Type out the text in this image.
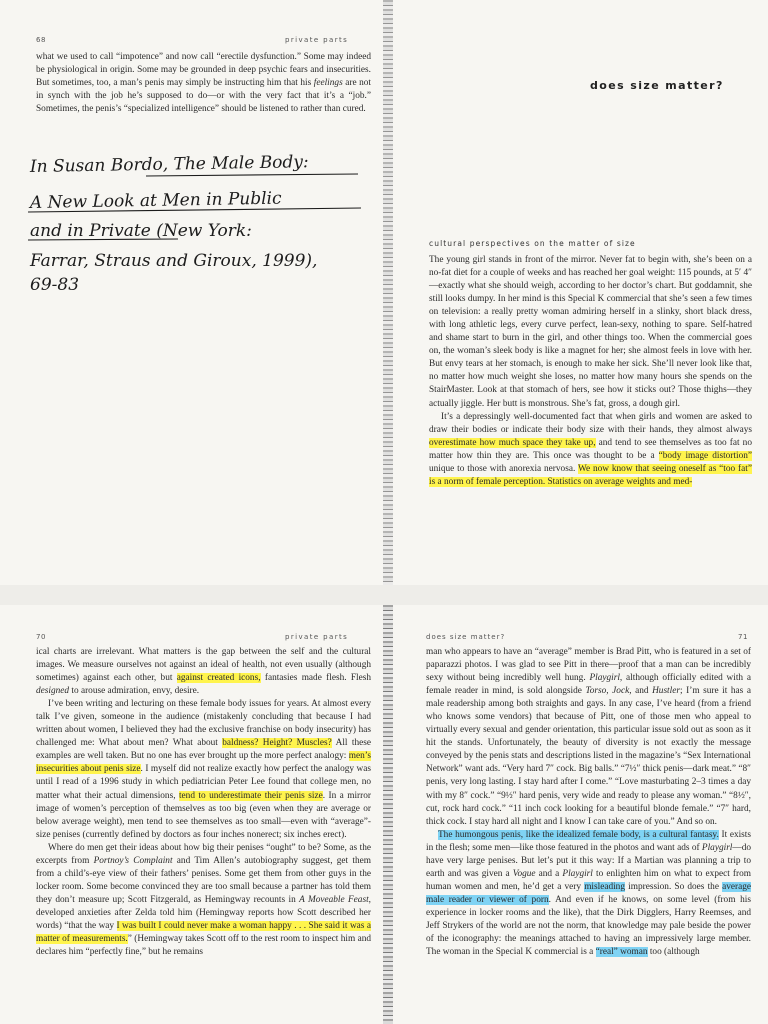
68	private parts

what we used to call “impotence” and now call “erectile dysfunction.” Some may indeed be physiological in origin. Some may be grounded in deep psychic fears and insecurities. But sometimes, too, a man’s penis may simply be instructing him that his feelings are not in synch with the job he’s supposed to do—or with the very fact that it’s a “job.” Sometimes, the penis’s “specialized intelligence” should be listened to rather than cured.

In Susan Bordo, The Male Body:
A New Look at Men in Public
and in Private (New York:
Farrar, Straus and Giroux, 1999),
69-83
does size matter?
cultural perspectives on the matter of size

The young girl stands in front of the mirror. Never fat to begin with, she’s been on a no-fat diet for a couple of weeks and has reached her goal weight: 115 pounds, at 5′ 4″—exactly what she should weigh, according to her doctor’s chart. But goddamnit, she still looks dumpy. In her mind is this Special K commercial that she’s seen a few times on television: a really pretty woman admiring herself in a slinky, short black dress, with long athletic legs, every curve perfect, lean-sexy, nothing to spare. Self-hatred and shame start to burn in the girl, and other things too. When the commercial goes on, the woman’s sleek body is like a magnet for her; she almost feels in love with her. But envy tears at her stomach, is enough to make her sick. She’ll never look like that, no matter how much weight she loses, no matter how many hours she spends on the StairMaster. Look at that stomach of hers, see how it sticks out? Those thighs—they actually jiggle. Her butt is monstrous. She’s fat, gross, a dough girl.

It’s a depressingly well-documented fact that when girls and women are asked to draw their bodies or indicate their body size with their hands, they almost always overestimate how much space they take up, and tend to see themselves as too fat no matter how thin they are. This once was thought to be a “body image distortion” unique to those with anorexia nervosa. We now know that seeing oneself as “too fat” is a norm of female perception. Statistics on average weights and med-

70	private parts

ical charts are irrelevant. What matters is the gap between the self and the cultural images. We measure ourselves not against an ideal of health, not even usually (although sometimes) against each other, but against created icons, fantasies made flesh. Flesh designed to arouse admiration, envy, desire.

I’ve been writing and lecturing on these female body issues for years. At almost every talk I’ve given, someone in the audience (mistakenly concluding that because I had written about women, I believed they had the exclusive franchise on body insecurity) has challenged me: What about men? What about baldness? Height? Muscles? All these examples are well taken. But no one has ever brought up the more perfect analogy: men’s insecurities about penis size. I myself did not realize exactly how perfect the analogy was until I read of a 1996 study in which pediatrician Peter Lee found that college men, no matter what their actual dimensions, tend to underestimate their penis size. In a mirror image of women’s perception of themselves as too big (even when they are average or below average weight), men tend to see themselves as too small—even with “average”-size penises (currently defined by doctors as four inches nonerect; six inches erect).

Where do men get their ideas about how big their penises “ought” to be? Some, as the excerpts from Portnoy’s Complaint and Tim Allen’s autobiography suggest, get them from a child’s-eye view of their fathers’ penises. Some get them from other guys in the locker room. Some become convinced they are too small because a partner has told them they don’t measure up; Scott Fitzgerald, as Hemingway recounts in A Moveable Feast, developed anxieties after Zelda told him (Hemingway reports how Scott described her words) “that the way I was built I could never make a woman happy . . . She said it was a matter of measurements.” (Hemingway takes Scott off to the rest room to inspect him and declares him “perfectly fine,” but he remains

does size matter?	71

man who appears to have an “average” member is Brad Pitt, who is featured in a set of paparazzi photos. I was glad to see Pitt in there—proof that a man can be incredibly sexy without being incredibly well hung. Playgirl, although officially edited with a female reader in mind, is sold alongside Torso, Jock, and Hustler; I’m sure it has a male readership among both straights and gays. In any case, I’ve heard (from a friend who knows some vendors) that because of Pitt, one of those men who appeal to virtually every sexual and gender orientation, this particular issue sold out as soon as it hit the stands. Unfortunately, the beauty of diversity is not exactly the message conveyed by the penis stats and descriptions listed in the magazine’s “Sex International Network” want ads. “Very hard 7″ cock. Big balls.” “7½″ thick penis—dark meat.” “8″ penis, very long lasting. I stay hard after I come.” “Love masturbating 2–3 times a day with my 8″ cock.” “9½″ hard penis, very wide and ready to please any woman.” “8½″, cut, rock hard cock.” “11 inch cock looking for a beautiful blonde female.” “7″ hard, thick cock. I stay hard all night and I know I can take care of you.” And so on.

The humongous penis, like the idealized female body, is a cultural fantasy. It exists in the flesh; some men—like those featured in the photos and want ads of Playgirl—do have very large penises. But let’s put it this way: If a Martian was planning a trip to earth and was given a Vogue and a Playgirl to enlighten him on what to expect from human women and men, he’d get a very misleading impression. So does the average male reader or viewer of porn. And even if he knows, on some level (from his experience in locker rooms and the like), that the Dirk Digglers, Harry Reemses, and Jeff Strykers of the world are not the norm, that knowledge may pale beside the power of the iconography: the meanings attached to having an impressively large member. The woman in the Special K commercial is a “real” woman too (although
